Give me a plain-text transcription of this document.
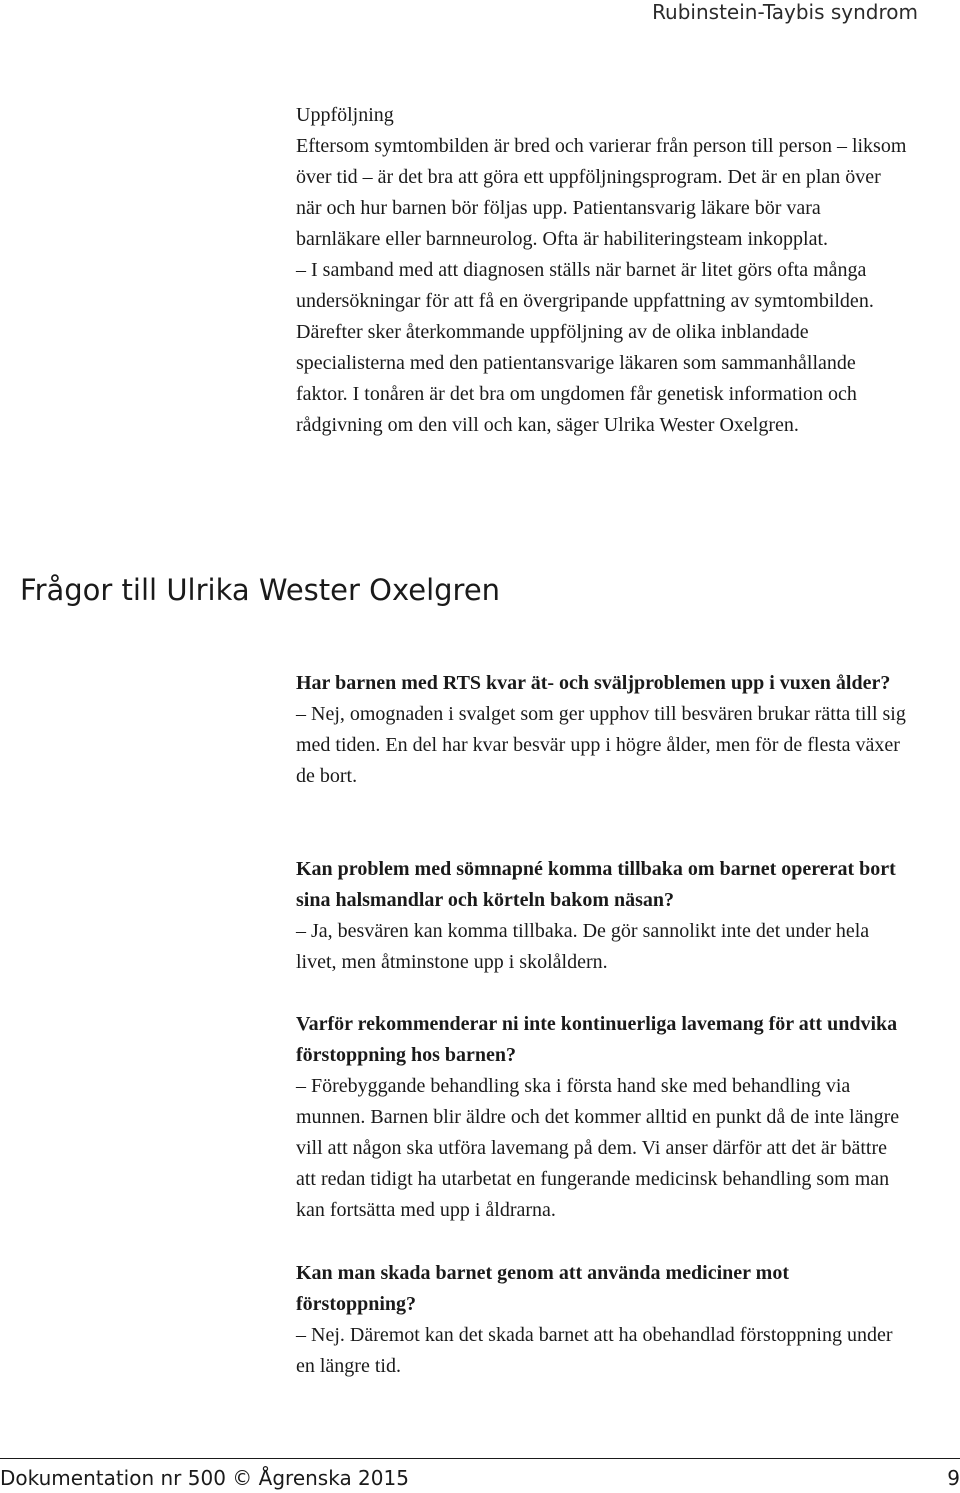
Rubinstein-Taybis syndrom

Uppföljning

Eftersom symtombilden är bred och varierar från person till person – liksom över tid – är det bra att göra ett uppföljningsprogram. Det är en plan över när och hur barnen bör följas upp. Patientansvarig läkare bör vara barnläkare eller barnneurolog. Ofta är habiliteringsteam inkopplat.

– I samband med att diagnosen ställs när barnet är litet görs ofta många undersökningar för att få en övergripande uppfattning av symtombilden. Därefter sker återkommande uppföljning av de olika inblandade specialisterna med den patientansvarige läkaren som sammanhållande faktor. I tonåren är det bra om ungdomen får genetisk information och rådgivning om den vill och kan, säger Ulrika Wester Oxelgren.

Frågor till Ulrika Wester Oxelgren

Har barnen med RTS kvar ät- och sväljproblemen upp i vuxen ålder?

– Nej, omognaden i svalget som ger upphov till besvären brukar rätta till sig med tiden. En del har kvar besvär upp i högre ålder, men för de flesta växer de bort.

Kan problem med sömnapné komma tillbaka om barnet opererat bort sina halsmandlar och körteln bakom näsan?

– Ja, besvären kan komma tillbaka. De gör sannolikt inte det under hela livet, men åtminstone upp i skolåldern.

Varför rekommenderar ni inte kontinuerliga lavemang för att undvika förstoppning hos barnen?

– Förebyggande behandling ska i första hand ske med behandling via munnen. Barnen blir äldre och det kommer alltid en punkt då de inte längre vill att någon ska utföra lavemang på dem. Vi anser därför att det är bättre att redan tidigt ha utarbetat en fungerande medicinsk behandling som man kan fortsätta med upp i åldrarna.

Kan man skada barnet genom att använda mediciner mot förstoppning?

– Nej. Däremot kan det skada barnet att ha obehandlad förstoppning under en längre tid.

Dokumentation nr 500 © Ågrenska 2015	9
